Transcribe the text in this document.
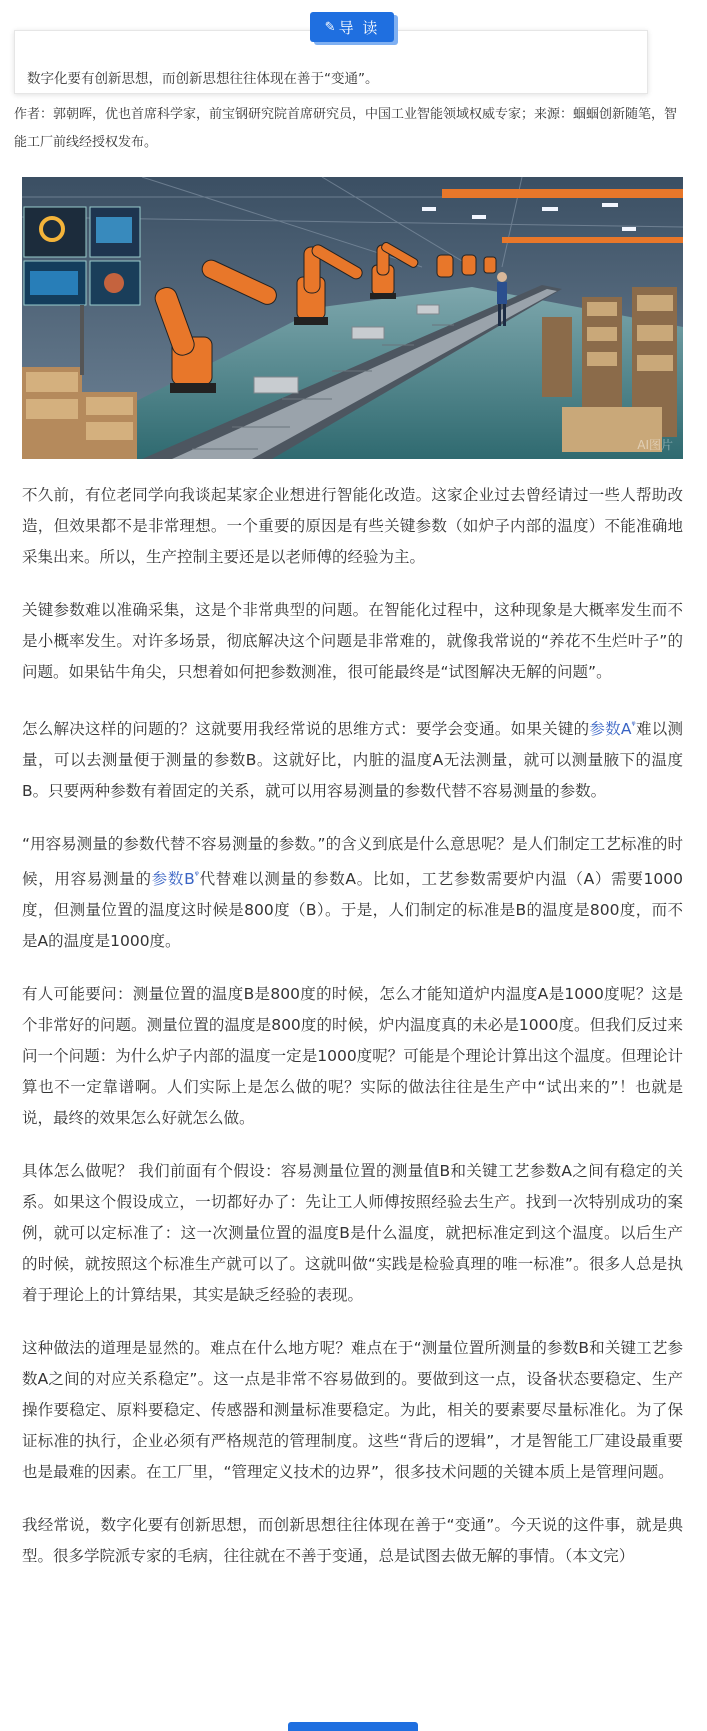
✎ 导 读
数字化要有创新思想，而创新思想往往体现在善于“变通”。
作者：郭朝晖，优也首席科学家，前宝钢研究院首席研究员，中国工业智能领域权威专家；来源：蝈蝈创新随笔，智能工厂前线经授权发布。
AI图片

不久前，有位老同学向我谈起某家企业想进行智能化改造。这家企业过去曾经请过一些人帮助改造，但效果都不是非常理想。一个重要的原因是有些关键参数（如炉子内部的温度）不能准确地采集出来。所以，生产控制主要还是以老师傅的经验为主。

关键参数难以准确采集，这是个非常典型的问题。在智能化过程中，这种现象是大概率发生而不是小概率发生。对许多场景，彻底解决这个问题是非常难的，就像我常说的“养花不生烂叶子”的问题。如果钻牛角尖，只想着如何把参数测准，很可能最终是“试图解决无解的问题”。

怎么解决这样的问题的？这就要用我经常说的思维方式：要学会变通。如果关键的参数$A^ᵠ$难以测量，可以去测量便于测量的参数B。这就好比，内脏的温度A无法测量，就可以测量腋下的温度B。只要两种参数有着固定的关系，就可以用容易测量的参数代替不容易测量的参数。

“用容易测量的参数代替不容易测量的参数。”的含义到底是什么意思呢？是人们制定工艺标准的时候，用容易测量的参数$B^ᵠ$代替难以测量的参数A。比如，工艺参数需要炉内温（A）需要1000度，但测量位置的温度这时候是800度（B）。于是，人们制定的标准是B的温度是800度，而不是A的温度是1000度。

有人可能要问：测量位置的温度B是800度的时候，怎么才能知道炉内温度A是1000度呢？这是个非常好的问题。测量位置的温度是800度的时候，炉内温度真的未必是1000度。但我们反过来问一个问题：为什么炉子内部的温度一定是1000度呢？可能是个理论计算出这个温度。但理论计算也不一定靠谱啊。人们实际上是怎么做的呢？实际的做法往往是生产中“试出来的”！也就是说，最终的效果怎么好就怎么做。

具体怎么做呢？ 我们前面有个假设：容易测量位置的测量值B和关键工艺参数A之间有稳定的关系。如果这个假设成立，一切都好办了：先让工人师傅按照经验去生产。找到一次特别成功的案例，就可以定标准了：这一次测量位置的温度B是什么温度，就把标准定到这个温度。以后生产的时候，就按照这个标准生产就可以了。这就叫做“实践是检验真理的唯一标准”。很多人总是执着于理论上的计算结果，其实是缺乏经验的表现。

这种做法的道理是显然的。难点在什么地方呢？难点在于“测量位置所测量的参数B和关键工艺参数A之间的对应关系稳定”。这一点是非常不容易做到的。要做到这一点，设备状态要稳定、生产操作要稳定、原料要稳定、传感器和测量标准要稳定。为此，相关的要素要尽量标准化。为了保证标准的执行，企业必须有严格规范的管理制度。这些“背后的逻辑”，才是智能工厂建设最重要也是最难的因素。在工厂里，“管理定义技术的边界”，很多技术问题的关键本质上是管理问题。

我经常说，数字化要有创新思想，而创新思想往往体现在善于“变通”。今天说的这件事，就是典型。很多学院派专家的毛病，往往就在不善于变通，总是试图去做无解的事情。（本文完）
